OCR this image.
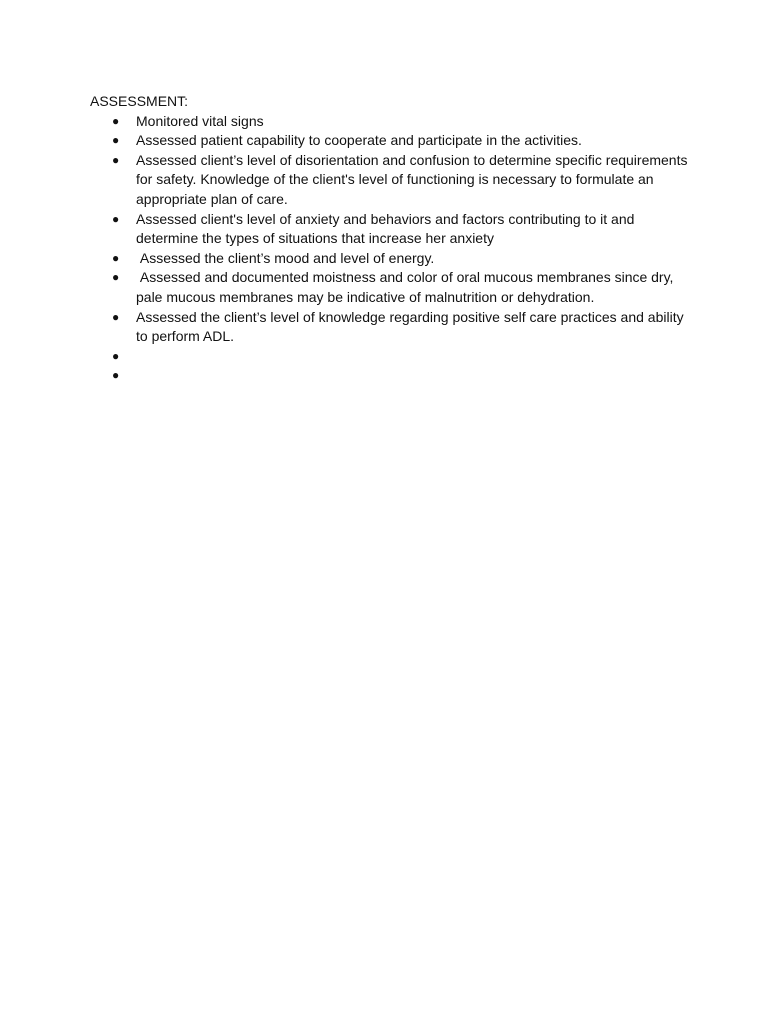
ASSESSMENT:

●	Monitored vital signs
●	Assessed patient capability to cooperate and participate in the activities.
●	Assessed client’s level of disorientation and confusion to determine specific requirements for safety. Knowledge of the client's level of functioning is necessary to formulate an appropriate plan of care.
●	Assessed client's level of anxiety and behaviors and factors contributing to it and determine the types of situations that increase her anxiety
●	Assessed the client’s mood and level of energy.
●	Assessed and documented moistness and color of oral mucous membranes since dry, pale mucous membranes may be indicative of malnutrition or dehydration.
●	Assessed the client’s level of knowledge regarding positive self care practices and ability to perform ADL.
●
●
